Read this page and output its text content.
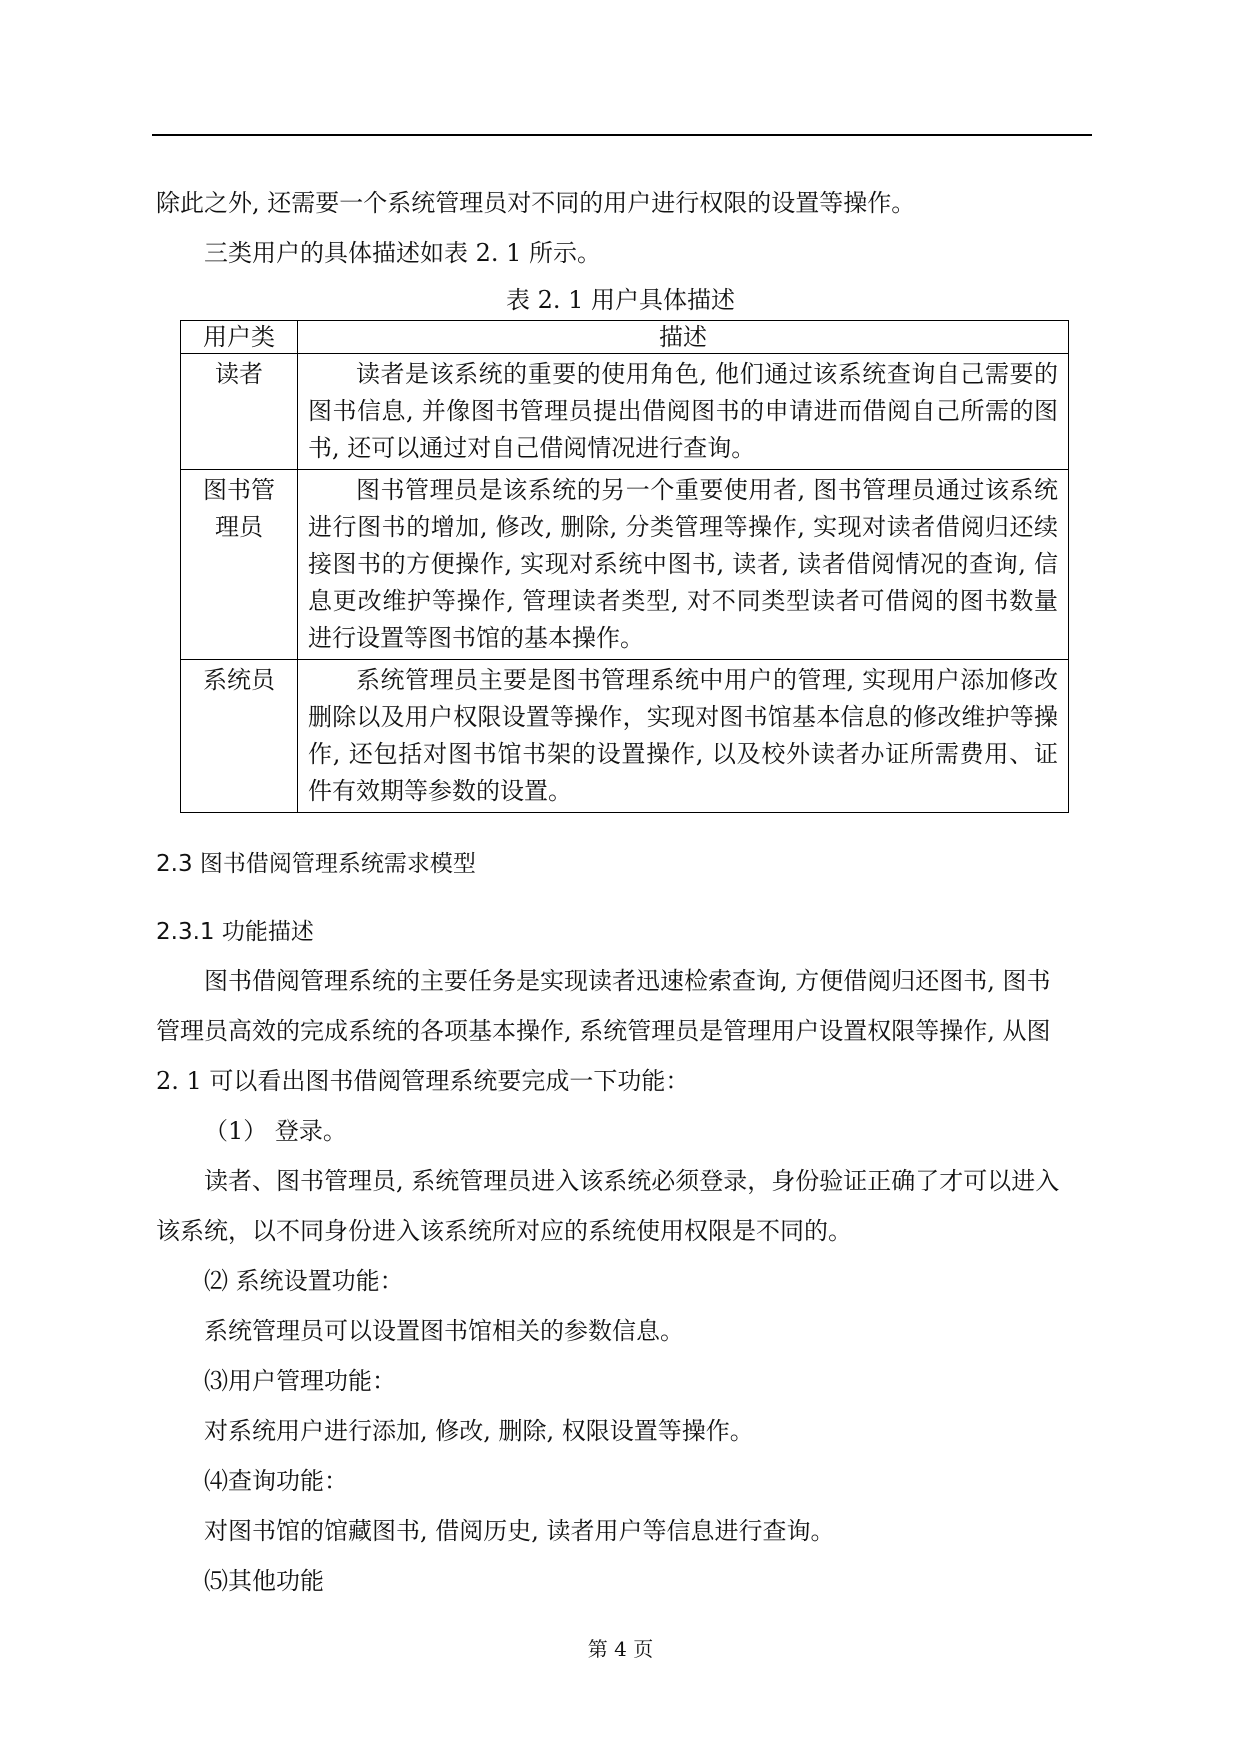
除此之外, 还需要一个系统管理员对不同的用户进行权限的设置等操作。
三类用户的具体描述如表 2. 1 所示。
表 2. 1 用户具体描述
用户类	描述
读者	读者是该系统的重要的使用角色, 他们通过该系统查询自己需要的图书信息, 并像图书管理员提出借阅图书的申请进而借阅自己所需的图书, 还可以通过对自己借阅情况进行查询。
图书管理员	图书管理员是该系统的另一个重要使用者, 图书管理员通过该系统进行图书的增加, 修改, 删除, 分类管理等操作, 实现对读者借阅归还续接图书的方便操作, 实现对系统中图书, 读者, 读者借阅情况的查询, 信息更改维护等操作, 管理读者类型, 对不同类型读者可借阅的图书数量进行设置等图书馆的基本操作。
系统员	系统管理员主要是图书管理系统中用户的管理, 实现用户添加修改删除以及用户权限设置等操作，实现对图书馆基本信息的修改维护等操作, 还包括对图书馆书架的设置操作, 以及校外读者办证所需费用、证件有效期等参数的设置。
2.3 图书借阅管理系统需求模型
2.3.1 功能描述
图书借阅管理系统的主要任务是实现读者迅速检索查询, 方便借阅归还图书, 图书
管理员高效的完成系统的各项基本操作, 系统管理员是管理用户设置权限等操作, 从图
2. 1 可以看出图书借阅管理系统要完成一下功能：
（1） 登录。
读者、图书管理员, 系统管理员进入该系统必须登录，身份验证正确了才可以进入
该系统，以不同身份进入该系统所对应的系统使用权限是不同的。
⑵ 系统设置功能：
系统管理员可以设置图书馆相关的参数信息。
⑶用户管理功能：
对系统用户进行添加, 修改, 删除, 权限设置等操作。
⑷查询功能：
对图书馆的馆藏图书, 借阅历史, 读者用户等信息进行查询。
⑸其他功能
第 4 页
